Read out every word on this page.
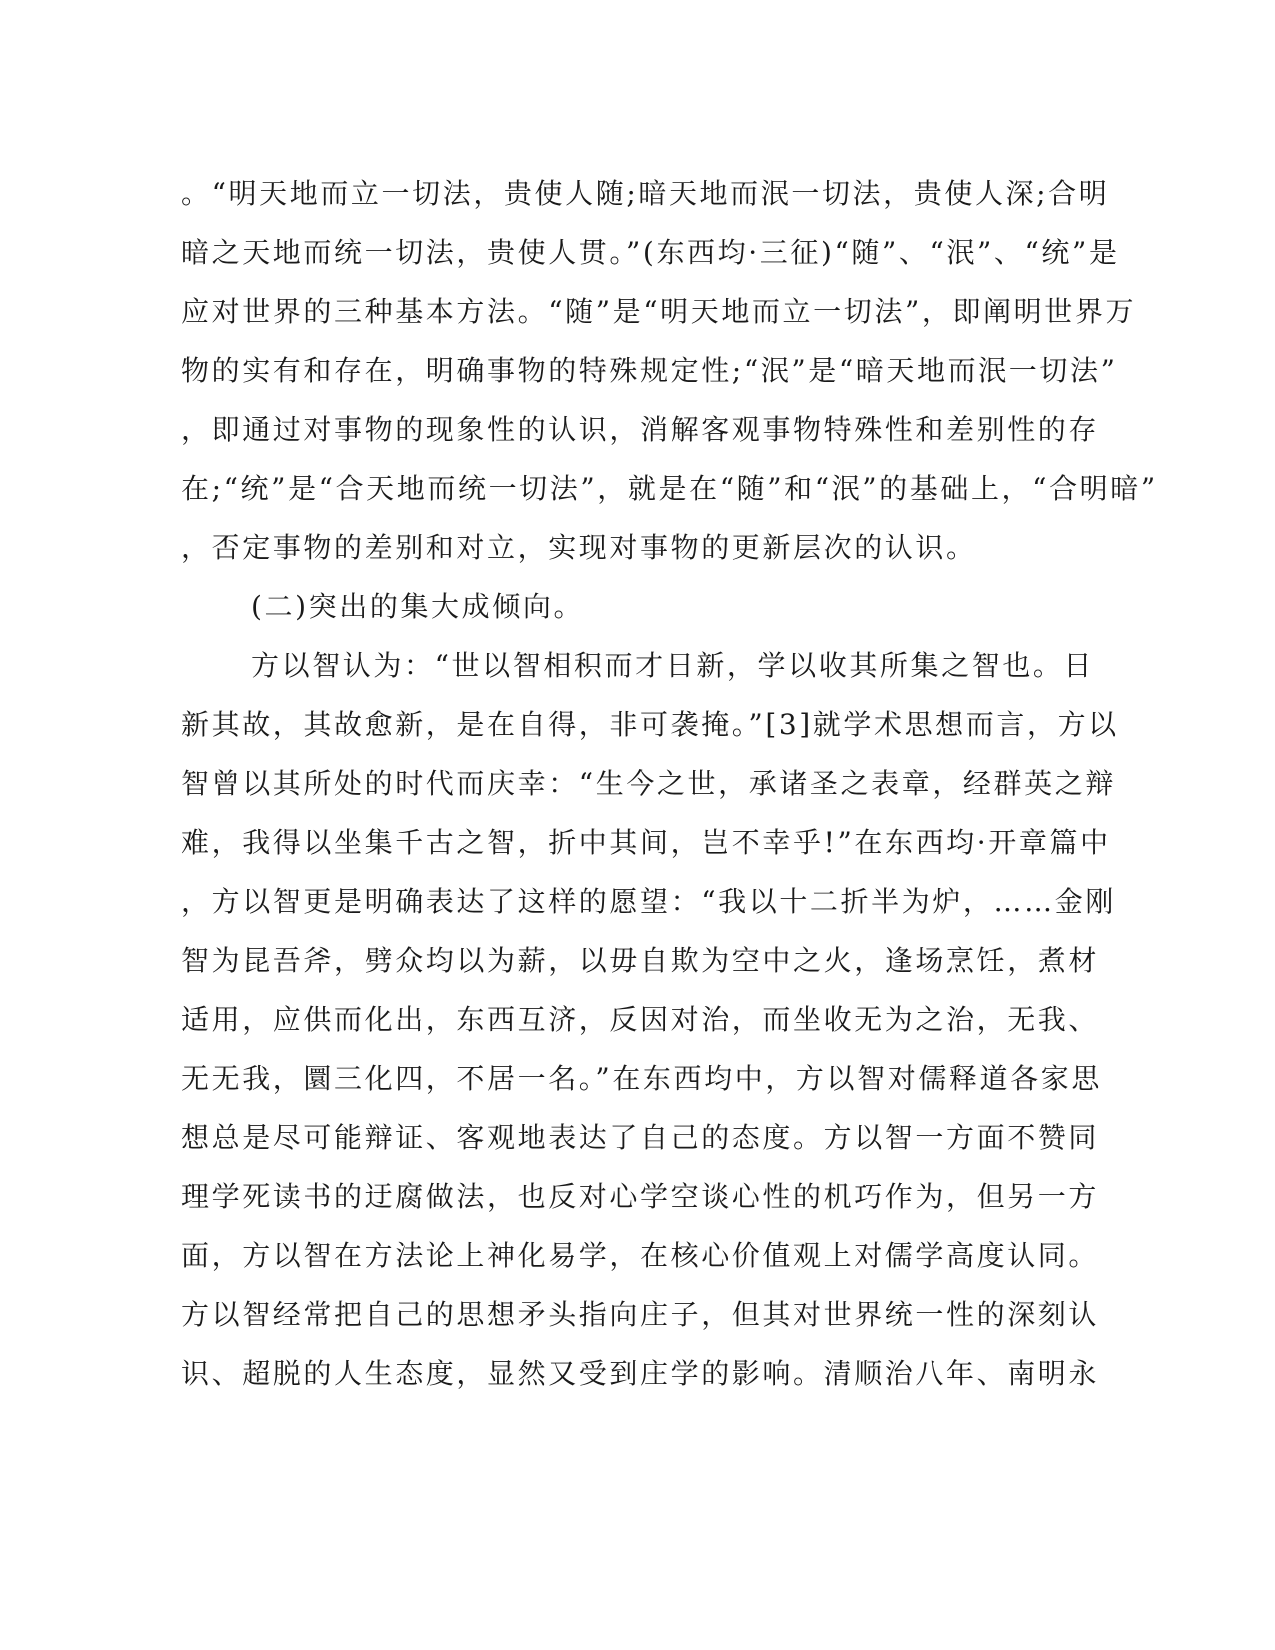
。“明天地而立一切法，贵使人随;暗天地而泯一切法，贵使人深;合明
暗之天地而统一切法，贵使人贯。”(东西均·三征)“随”、“泯”、“统”是
应对世界的三种基本方法。“随”是“明天地而立一切法”，即阐明世界万
物的实有和存在，明确事物的特殊规定性;“泯”是“暗天地而泯一切法”
，即通过对事物的现象性的认识，消解客观事物特殊性和差别性的存
在;“统”是“合天地而统一切法”，就是在“随”和“泯”的基础上，“合明暗”
，否定事物的差别和对立，实现对事物的更新层次的认识。
(二)突出的集大成倾向。
方以智认为：“世以智相积而才日新，学以收其所集之智也。日
新其故，其故愈新，是在自得，非可袭掩。”[3]就学术思想而言，方以
智曾以其所处的时代而庆幸：“生今之世，承诸圣之表章，经群英之辩
难，我得以坐集千古之智，折中其间，岂不幸乎!”在东西均·开章篇中
，方以智更是明确表达了这样的愿望：“我以十二折半为炉，……金刚
智为昆吾斧，劈众均以为薪，以毋自欺为空中之火，逢场烹饪，煮材
适用，应供而化出，东西互济，反因对治，而坐收无为之治，无我、
无无我，圜三化四，不居一名。”在东西均中，方以智对儒释道各家思
想总是尽可能辩证、客观地表达了自己的态度。方以智一方面不赞同
理学死读书的迂腐做法，也反对心学空谈心性的机巧作为，但另一方
面，方以智在方法论上神化易学，在核心价值观上对儒学高度认同。
方以智经常把自己的思想矛头指向庄子，但其对世界统一性的深刻认
识、超脱的人生态度，显然又受到庄学的影响。清顺治八年、南明永
